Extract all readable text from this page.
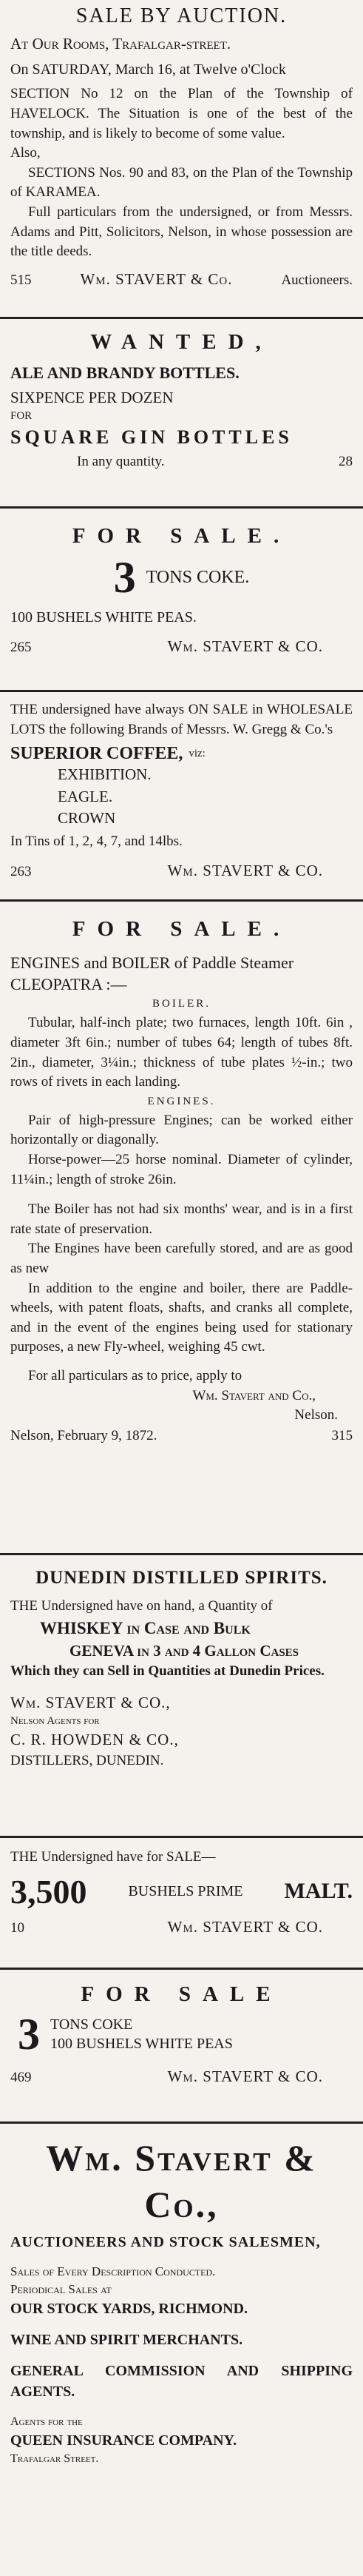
SALE BY AUCTION.

At Our Rooms, Trafalgar-street.

On SATURDAY, March 16, at Twelve o'Clock

SECTION No 12 on the Plan of the Township of HAVELOCK. The Situation is one of the best of the township, and is likely to become of some value.

Also,

SECTIONS Nos. 90 and 83, on the Plan of the Township of KARAMEA.

Full particulars from the undersigned, or from Messrs. Adams and Pitt, Solicitors, Nelson, in whose possession are the title deeds.

515	Wm. STAVERT & Co.	Auctioneers.

WANTED,

ALE AND BRANDY BOTTLES.

SIXPENCE PER DOZEN

FOR

SQUARE GIN BOTTLES

In any quantity.	28

FOR SALE.

3 TONS COKE.

100 BUSHELS WHITE PEAS.

265	Wm. STAVERT & CO.

THE undersigned have always ON SALE in WHOLESALE LOTS the following Brands of Messrs. W. Gregg & Co.'s

SUPERIOR COFFEE, viz:
EXHIBITION.
EAGLE.
CROWN

In Tins of 1, 2, 4, 7, and 14lbs.

263	Wm. STAVERT & CO.

FOR SALE.

ENGINES and BOILER of Paddle Steamer CLEOPATRA :—

BOILER.

Tubular, half-inch plate; two furnaces, length 10ft. 6in , diameter 3ft 6in.; number of tubes 64; length of tubes 8ft. 2in., diameter, 3¼in.; thickness of tube plates ½-in.; two rows of rivets in each landing.

ENGINES.

Pair of high-pressure Engines; can be worked either horizontally or diagonally.

Horse-power—25 horse nominal. Diameter of cylinder, 11¼in.; length of stroke 26in.

The Boiler has not had six months' wear, and is in a first rate state of preservation.

The Engines have been carefully stored, and are as good as new

In addition to the engine and boiler, there are Paddle-wheels, with patent floats, shafts, and cranks all complete, and in the event of the engines being used for stationary purposes, a new Fly-wheel, weighing 45 cwt.

For all particulars as to price, apply to

Wm. Stavert and Co.,

Nelson.

Nelson, February 9, 1872.	315

DUNEDIN DISTILLED SPIRITS.

THE Undersigned have on hand, a Quantity of

WHISKEY in Case and Bulk

GENEVA in 3 and 4 Gallon Cases

Which they can Sell in Quantities at Dunedin Prices.

Wm. STAVERT & CO.,

Nelson Agents for

C. R. HOWDEN & CO.,

DISTILLERS, DUNEDIN.

THE Undersigned have for SALE—

3,500	BUSHELS PRIME MALT.
10	Wm. STAVERT & CO.

FOR SALE

3 TONS COKE
100 BUSHELS WHITE PEAS
469	Wm. STAVERT & CO.

Wm. Stavert & Co.,

AUCTIONEERS AND STOCK SALESMEN,

Sales of Every Description Conducted.

Periodical Sales at

OUR STOCK YARDS, RICHMOND.

WINE AND SPIRIT MERCHANTS.

GENERAL COMMISSION AND SHIPPING AGENTS.

Agents for the

QUEEN INSURANCE COMPANY.

Trafalgar Street.
